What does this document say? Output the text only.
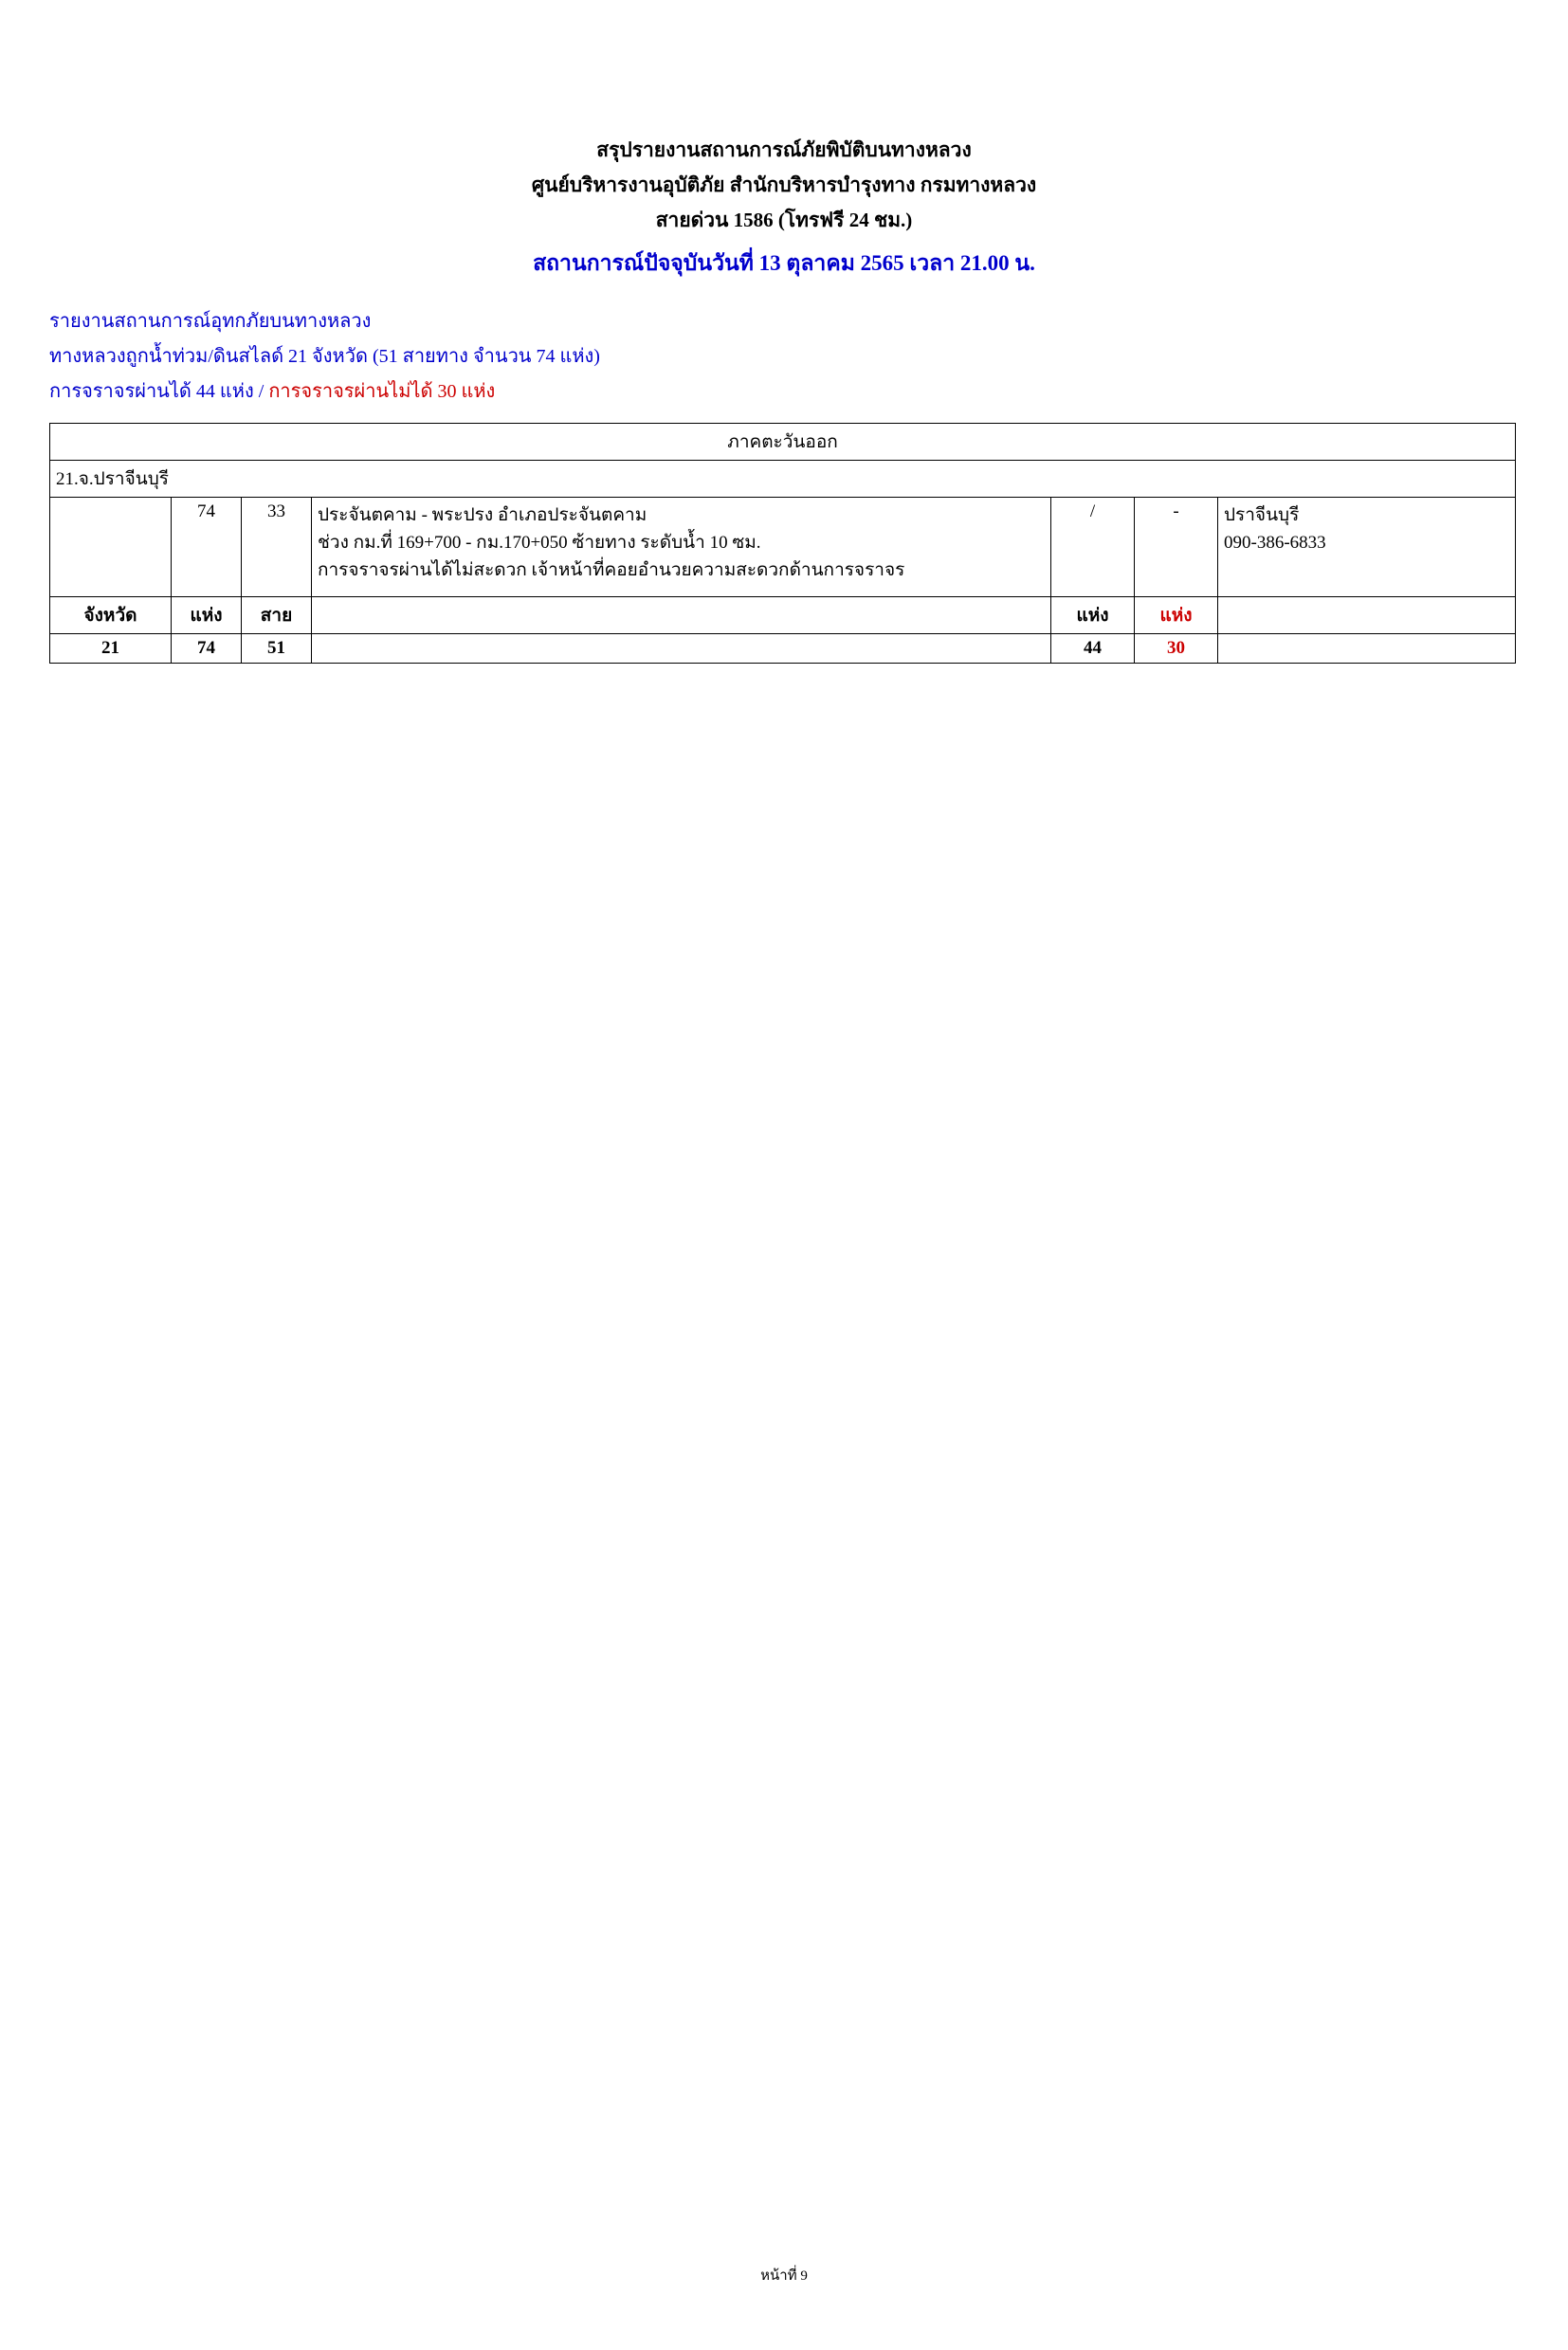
สรุปรายงานสถานการณ์ภัยพิบัติบนทางหลวง
ศูนย์บริหารงานอุบัติภัย สำนักบริหารบำรุงทาง กรมทางหลวง
สายด่วน 1586 (โทรฟรี 24 ชม.)
สถานการณ์ปัจจุบันวันที่ 13 ตุลาคม 2565 เวลา 21.00 น.
รายงานสถานการณ์อุทกภัยบนทางหลวง
ทางหลวงถูกน้ำท่วม/ดินสไลด์ 21 จังหวัด (51 สายทาง จำนวน 74 แห่ง)
การจราจรผ่านได้ 44 แห่ง / การจราจรผ่านไม่ได้ 30 แห่ง
ภาคตะวันออก						
21.จ.ปราจีนบุรี						
	74	33	ประจันตคาม - พระปรง อำเภอประจันตคาม
ช่วง กม.ที่ 169+700 - กม.170+050 ซ้ายทาง ระดับน้ำ 10 ซม.
การจราจรผ่านได้ไม่สะดวก เจ้าหน้าที่คอยอำนวยความสะดวกด้านการจราจร	/	-	ปราจีนบุรี
090-386-6833

จังหวัด	แห่ง	สาย		แห่ง	แห่ง	
21	74	51		44	30	
หน้าที่ 9
